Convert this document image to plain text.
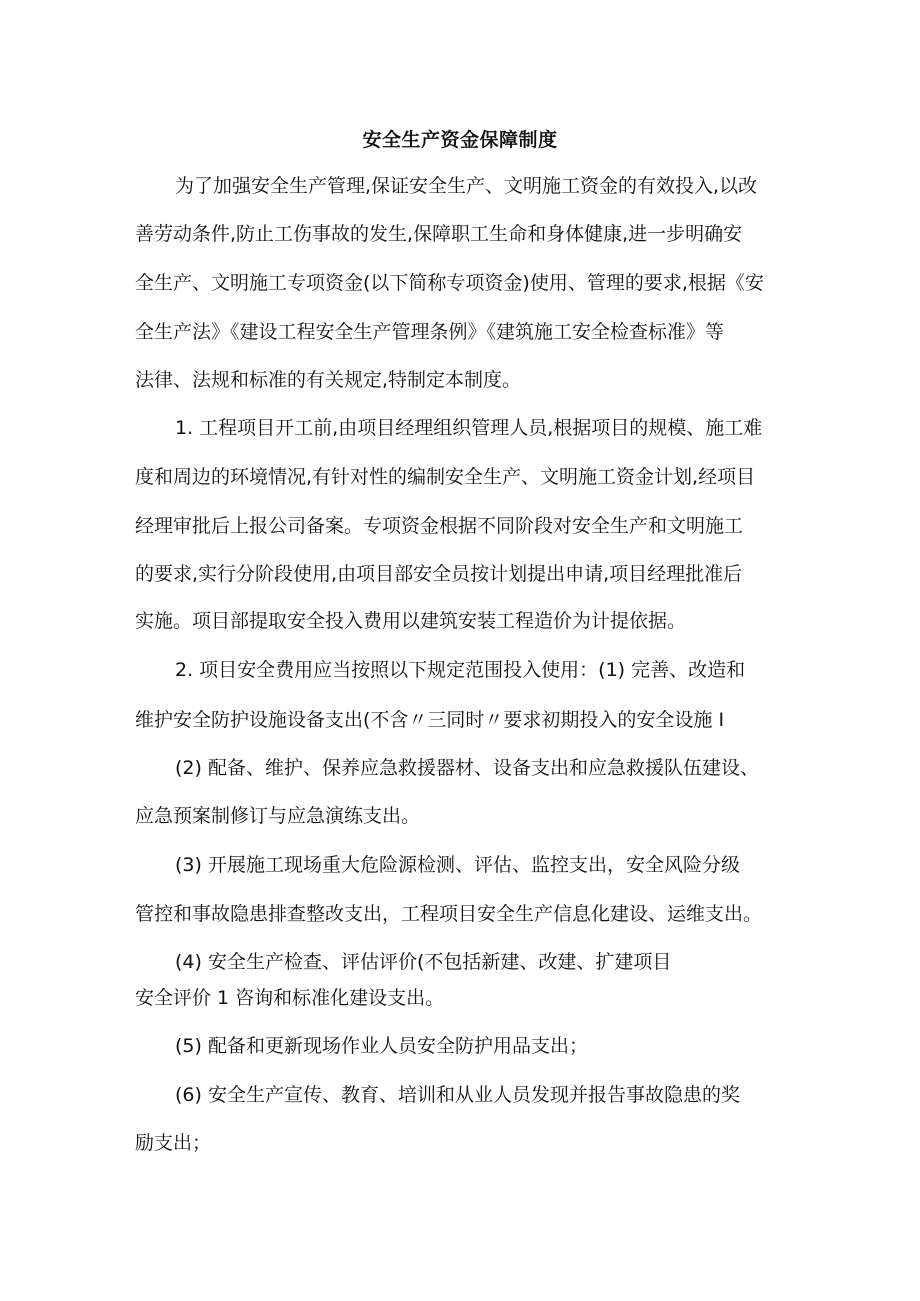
安全生产资金保障制度
为了加强安全生产管理,保证安全生产、文明施工资金的有效投入,以改
善劳动条件,防止工伤事故的发生,保障职工生命和身体健康,进一步明确安
全生产、文明施工专项资金(以下简称专项资金)使用、管理的要求,根据《安
全生产法》《建设工程安全生产管理条例》《建筑施工安全检查标准》等
法律、法规和标准的有关规定,特制定本制度。
1. 工程项目开工前,由项目经理组织管理人员,根据项目的规模、施工难
度和周边的环境情况,有针对性的编制安全生产、文明施工资金计划,经项目
经理审批后上报公司备案。专项资金根据不同阶段对安全生产和文明施工
的要求,实行分阶段使用,由项目部安全员按计划提出申请,项目经理批准后
实施。项目部提取安全投入费用以建筑安装工程造价为计提依据。
2. 项目安全费用应当按照以下规定范围投入使用：(1) 完善、改造和
维护安全防护设施设备支出(不含〃三同时〃要求初期投入的安全设施 I
(2) 配备、维护、保养应急救援器材、设备支出和应急救援队伍建设、
应急预案制修订与应急演练支出。
(3) 开展施工现场重大危险源检测、评估、监控支出，安全风险分级
管控和事故隐患排查整改支出，工程项目安全生产信息化建设、运维支出。
(4) 安全生产检查、评估评价(不包括新建、改建、扩建项目
安全评价 1 咨询和标准化建设支出。
(5) 配备和更新现场作业人员安全防护用品支出；
(6) 安全生产宣传、教育、培训和从业人员发现并报告事故隐患的奖
励支出；
